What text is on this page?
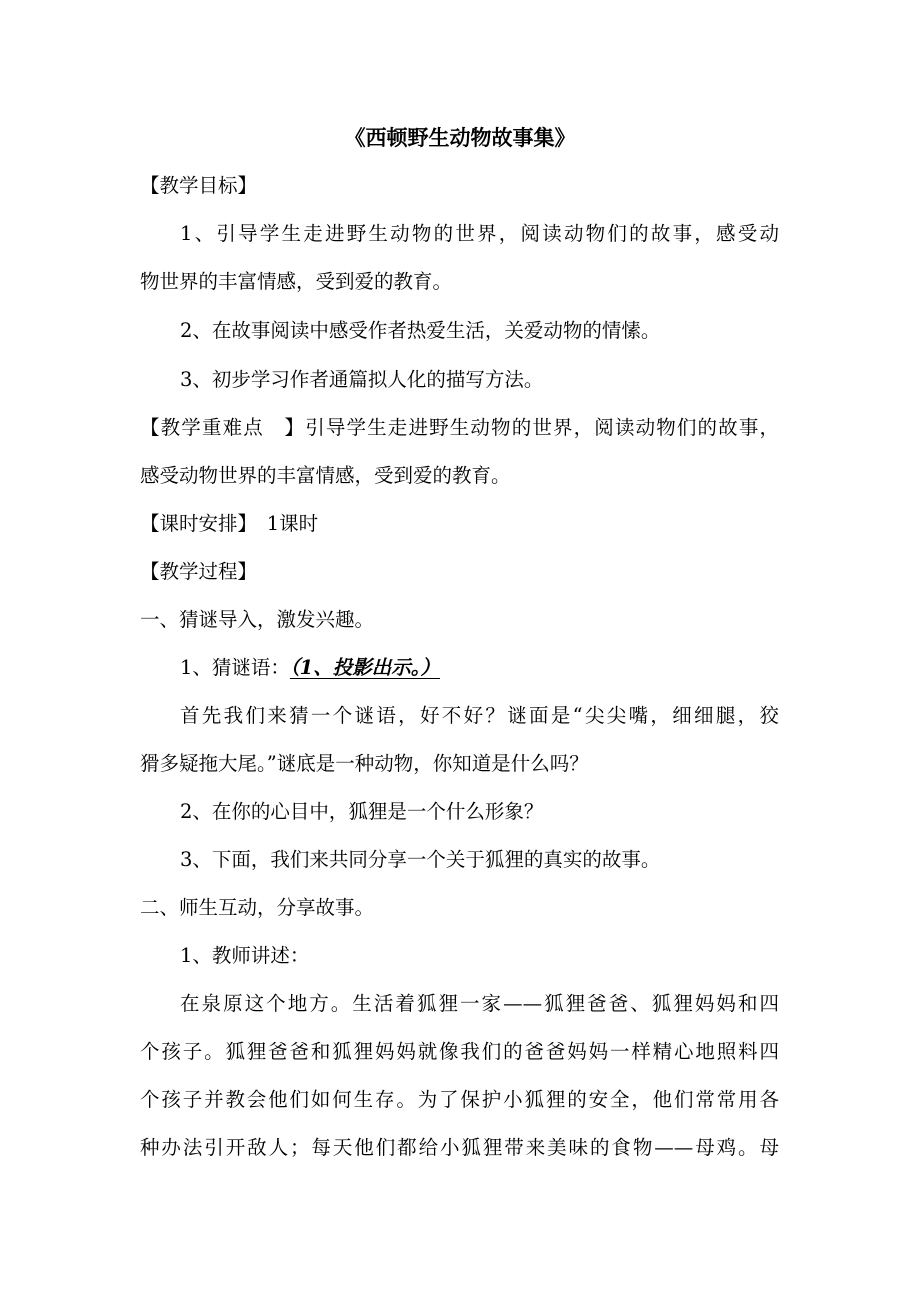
《西顿野生动物故事集》
【教学目标】
1、引导学生走进野生动物的世界，阅读动物们的故事，感受动
物世界的丰富情感，受到爱的教育。
2、在故事阅读中感受作者热爱生活，关爱动物的情愫。
3、初步学习作者通篇拟人化的描写方法。
【教学重难点　】引导学生走进野生动物的世界，阅读动物们的故事，
感受动物世界的丰富情感，受到爱的教育。
【课时安排】　1课时
【教学过程】
一、猜谜导入，激发兴趣。
1、猜谜语：（1、投影出示。）
首先我们来猜一个谜语，好不好？谜面是“尖尖嘴，细细腿，狡
猾多疑拖大尾。”谜底是一种动物，你知道是什么吗？
2、在你的心目中，狐狸是一个什么形象？
3、下面，我们来共同分享一个关于狐狸的真实的故事。
二、师生互动，分享故事。
1、教师讲述：
在泉原这个地方。生活着狐狸一家——狐狸爸爸、狐狸妈妈和四
个孩子。狐狸爸爸和狐狸妈妈就像我们的爸爸妈妈一样精心地照料四
个孩子并教会他们如何生存。为了保护小狐狸的安全，他们常常用各
种办法引开敌人；每天他们都给小狐狸带来美味的食物——母鸡。母
